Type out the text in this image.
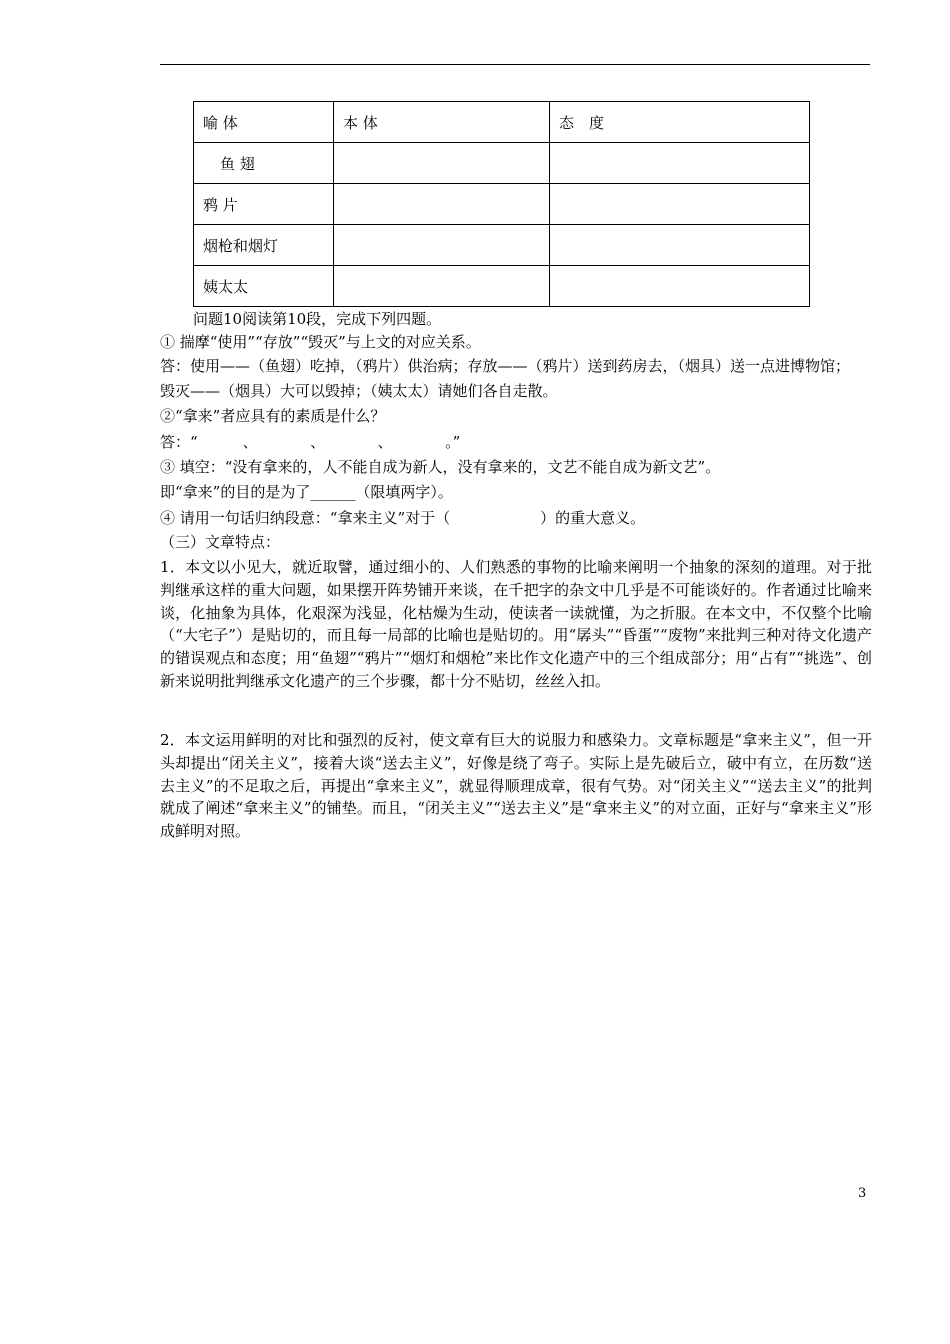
喻 体	本 体	态　度
鱼 翅		
鸦 片		
烟枪和烟灯		
姨太太		
问题10阅读第10段，完成下列四题。
① 揣摩“使用”“存放”“毁灭”与上文的对应关系。
答：使用——（鱼翅）吃掉，（鸦片）供治病；存放——（鸦片）送到药房去，（烟具）送一点进博物馆；
毁灭——（烟具）大可以毁掉；（姨太太）请她们各自走散。
②“拿来”者应具有的素质是什么？
答：“　　　、　　　　、　　　　、　　　　。”
③ 填空：“没有拿来的，人不能自成为新人，没有拿来的，文艺不能自成为新文艺”。
即“拿来”的目的是为了______（限填两字）。
④ 请用一句话归纳段意：“拿来主义”对于（　　　　　　）的重大意义。
（三）文章特点：
1．本文以小见大，就近取譬，通过细小的、人们熟悉的事物的比喻来阐明一个抽象的深刻的道理。对于批判继承这样的重大问题，如果摆开阵势铺开来谈，在千把字的杂文中几乎是不可能谈好的。作者通过比喻来谈，化抽象为具体，化艰深为浅显，化枯燥为生动，使读者一读就懂，为之折服。在本文中，不仅整个比喻（“大宅子”）是贴切的，而且每一局部的比喻也是贴切的。用“孱头”“昏蛋”“废物”来批判三种对待文化遗产的错误观点和态度；用“鱼翅”“鸦片”“烟灯和烟枪”来比作文化遗产中的三个组成部分；用“占有”“挑选”、创新来说明批判继承文化遗产的三个步骤，都十分不贴切，丝丝入扣。
2．本文运用鲜明的对比和强烈的反衬，使文章有巨大的说服力和感染力。文章标题是“拿来主义”，但一开头却提出“闭关主义”，接着大谈“送去主义”，好像是绕了弯子。实际上是先破后立，破中有立，在历数“送去主义”的不足取之后，再提出“拿来主义”，就显得顺理成章，很有气势。对“闭关主义”“送去主义”的批判就成了阐述“拿来主义”的铺垫。而且，“闭关主义”“送去主义”是“拿来主义”的对立面，正好与“拿来主义”形成鲜明对照。
3
